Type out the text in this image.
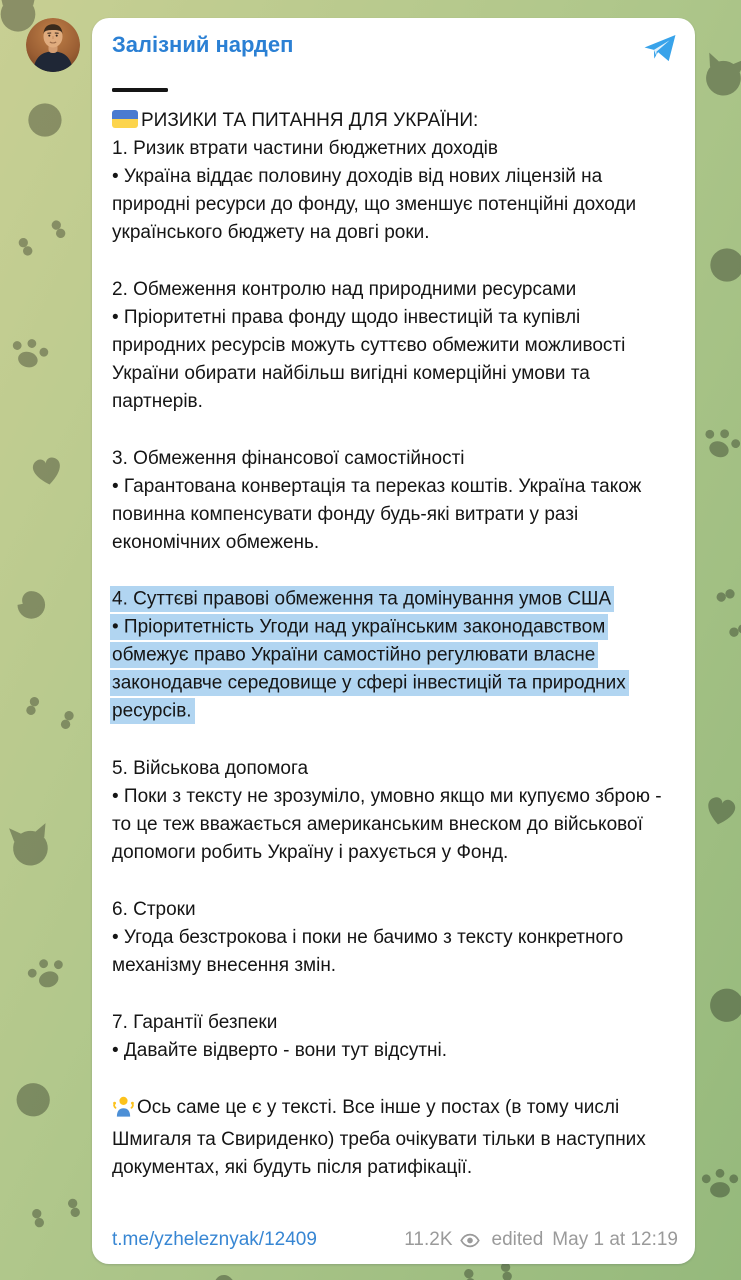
Залізний нардеп
РИЗИКИ ТА ПИТАННЯ ДЛЯ УКРАЇНИ:
1. Ризик втрати частини бюджетних доходів
• Україна віддає половину доходів від нових ліцензій на природні ресурси до фонду, що зменшує потенційні доходи українського бюджету на довгі роки.
2. Обмеження контролю над природними ресурсами
• Пріоритетні права фонду щодо інвестицій та купівлі природних ресурсів можуть суттєво обмежити можливості України обирати найбільш вигідні комерційні умови та партнерів.
3. Обмеження фінансової самостійності
• Гарантована конвертація та переказ коштів. Україна також повинна компенсувати фонду будь-які витрати у разі економічних обмежень.
4. Суттєві правові обмеження та домінування умов США
• Пріоритетність Угоди над українським законодавством обмежує право України самостійно регулювати власне законодавче середовище у сфері інвестицій та природних ресурсів.
5. Військова допомога
• Поки з тексту не зрозуміло, умовно якщо ми купуємо зброю - то це теж вважається американським внеском до військової допомоги робить Україну і рахується у Фонд.
6. Строки
• Угода безстрокова і поки не бачимо з тексту конкретного механізму внесення змін.
7. Гарантії безпеки
• Давайте відверто - вони тут відсутні.
Ось саме це є у тексті. Все інше у постах (в тому числі Шмигаля та Свириденко) треба очікувати тільки в наступних документах, які будуть після ратифікації.
t.me/yzheleznyak/12409	11.2K edited May 1 at 12:19
